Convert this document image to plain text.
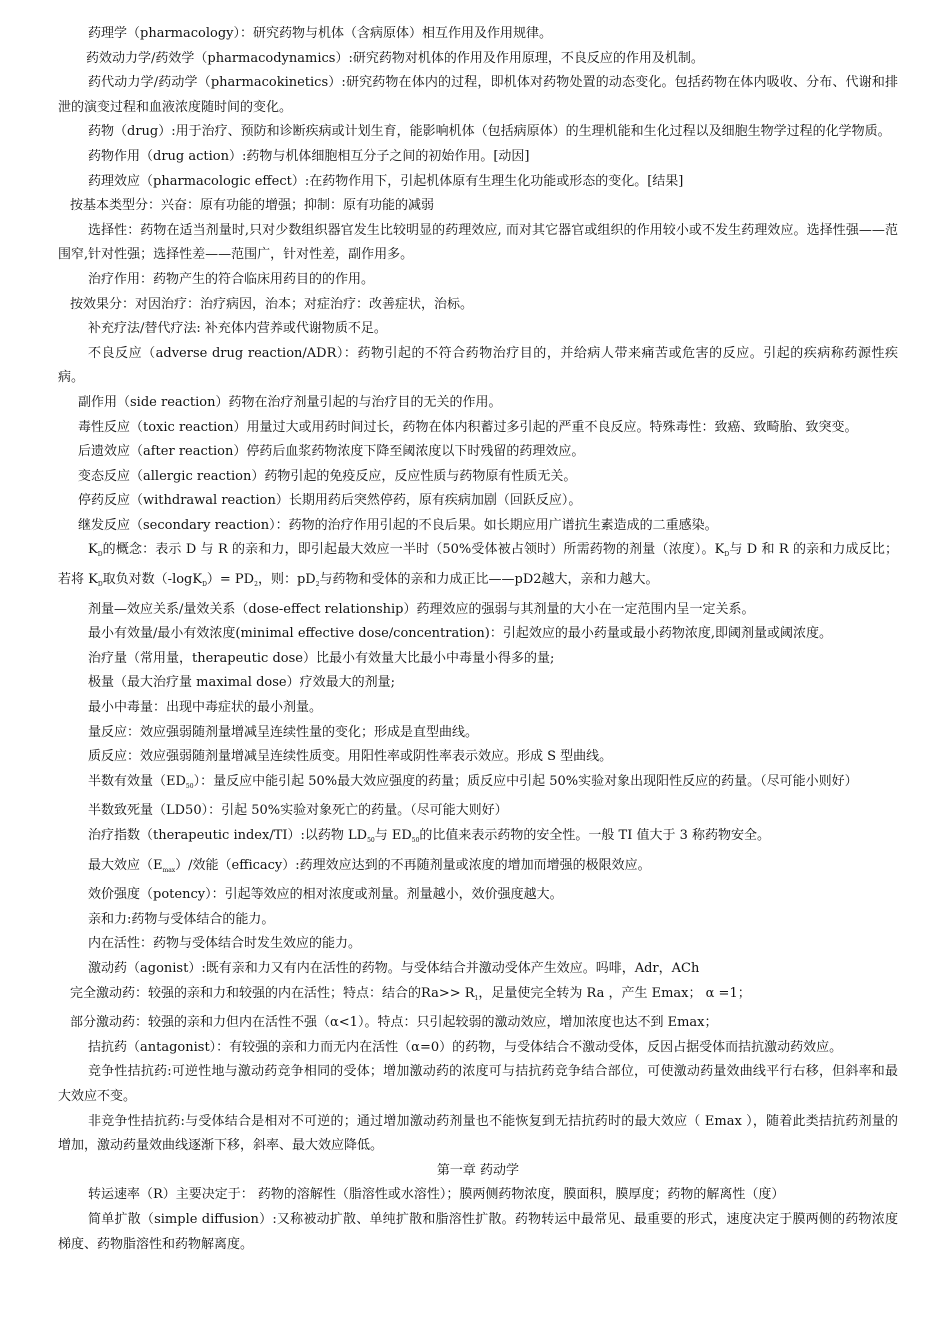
药理学（pharmacology）：研究药物与机体（含病原体）相互作用及作用规律。

药效动力学/药效学（pharmacodynamics）:研究药物对机体的作用及作用原理，不良反应的作用及机制。

药代动力学/药动学（pharmacokinetics）:研究药物在体内的过程，即机体对药物处置的动态变化。包括药物在体内吸收、分布、代谢和排泄的演变过程和血液浓度随时间的变化。

药物（drug）:用于治疗、预防和诊断疾病或计划生育，能影响机体（包括病原体）的生理机能和生化过程以及细胞生物学过程的化学物质。

药物作用（drug action）:药物与机体细胞相互分子之间的初始作用。[动因]

药理效应（pharmacologic effect）:在药物作用下，引起机体原有生理生化功能或形态的变化。[结果]

按基本类型分：兴奋：原有功能的增强；抑制：原有功能的减弱

选择性：药物在适当剂量时,只对少数组织器官发生比较明显的药理效应, 而对其它器官或组织的作用较小或不发生药理效应。选择性强——范围窄,针对性强；选择性差——范围广，针对性差，副作用多。

治疗作用：药物产生的符合临床用药目的的作用。

按效果分：对因治疗：治疗病因，治本；对症治疗：改善症状，治标。

补充疗法/替代疗法: 补充体内营养或代谢物质不足。

不良反应（adverse drug reaction/ADR）：药物引起的不符合药物治疗目的，并给病人带来痛苦或危害的反应。引起的疾病称药源性疾病。

副作用（side reaction）药物在治疗剂量引起的与治疗目的无关的作用。

毒性反应（toxic reaction）用量过大或用药时间过长，药物在体内积蓄过多引起的严重不良反应。特殊毒性：致癌、致畸胎、致突变。

后遗效应（after reaction）停药后血浆药物浓度下降至阈浓度以下时残留的药理效应。

变态反应（allergic reaction）药物引起的免疫反应，反应性质与药物原有性质无关。

停药反应（withdrawal reaction）长期用药后突然停药，原有疾病加剧（回跃反应）。

继发反应（secondary reaction）：药物的治疗作用引起的不良后果。如长期应用广谱抗生素造成的二重感染。

$K_D$的概念：表示 D 与 R 的亲和力，即引起最大效应一半时（50%受体被占领时）所需药物的剂量（浓度）。$K_D$与 D 和 R 的亲和力成反比；若将 $K_D$取负对数$(-\log K_D)= PD_2$，则：$pD_2$与药物和受体的亲和力成正比——pD2越大，亲和力越大。

剂量—效应关系/量效关系（dose-effect relationship）药理效应的强弱与其剂量的大小在一定范围内呈一定关系。

最小有效量/最小有效浓度(minimal effective dose/concentration)：引起效应的最小药量或最小药物浓度,即阈剂量或阈浓度。

治疗量（常用量，therapeutic dose）比最小有效量大比最小中毒量小得多的量;

极量（最大治疗量 maximal dose）疗效最大的剂量;

最小中毒量：出现中毒症状的最小剂量。

量反应：效应强弱随剂量增减呈连续性量的变化；形成是直型曲线。

质反应：效应强弱随剂量增减呈连续性质变。用阳性率或阴性率表示效应。形成 S 型曲线。

半数有效量$(ED_{50})$：量反应中能引起 50%最大效应强度的药量；质反应中引起 50%实验对象出现阳性反应的药量。（尽可能小则好）

半数致死量（LD50）：引起 50%实验对象死亡的药量。（尽可能大则好）

治疗指数（therapeutic index/TI）:以药物 $LD_{50}$与 $ED_{50}$的比值来表示药物的安全性。一般 TI 值大于 3 称药物安全。

最大效应$(E_{max})/$效能（efficacy）:药理效应达到的不再随剂量或浓度的增加而增强的极限效应。

效价强度（potency）：引起等效应的相对浓度或剂量。剂量越小，效价强度越大。

亲和力:药物与受体结合的能力。

内在活性：药物与受体结合时发生效应的能力。

激动药（agonist）:既有亲和力又有内在活性的药物。与受体结合并激动受体产生效应。吗啡，Adr，ACh

完全激动药：较强的亲和力和较强的内在活性；特点：结合的$Ra>> R_1$，足量使完全转为 Ra ，产生 Emax； α =1；

部分激动药：较强的亲和力但内在活性不强（α<1）。特点：只引起较弱的激动效应，增加浓度也达不到 Emax；

拮抗药（antagonist）：有较强的亲和力而无内在活性（α=0）的药物，与受体结合不激动受体，反因占据受体而拮抗激动药效应。

竞争性拮抗药:可逆性地与激动药竞争相同的受体；增加激动药的浓度可与拮抗药竞争结合部位，可使激动药量效曲线平行右移，但斜率和最大效应不变。

非竞争性拮抗药:与受体结合是相对不可逆的；通过增加激动药剂量也不能恢复到无拮抗药时的最大效应（ Emax ），随着此类拮抗药剂量的增加，激动药量效曲线逐渐下移，斜率、最大效应降低。

第一章 药动学

转运速率（R）主要决定于： 药物的溶解性（脂溶性或水溶性）；膜两侧药物浓度，膜面积，膜厚度；药物的解离性（度）

简单扩散（simple diffusion）:又称被动扩散、单纯扩散和脂溶性扩散。药物转运中最常见、最重要的形式，速度决定于膜两侧的药物浓度梯度、药物脂溶性和药物解离度。
